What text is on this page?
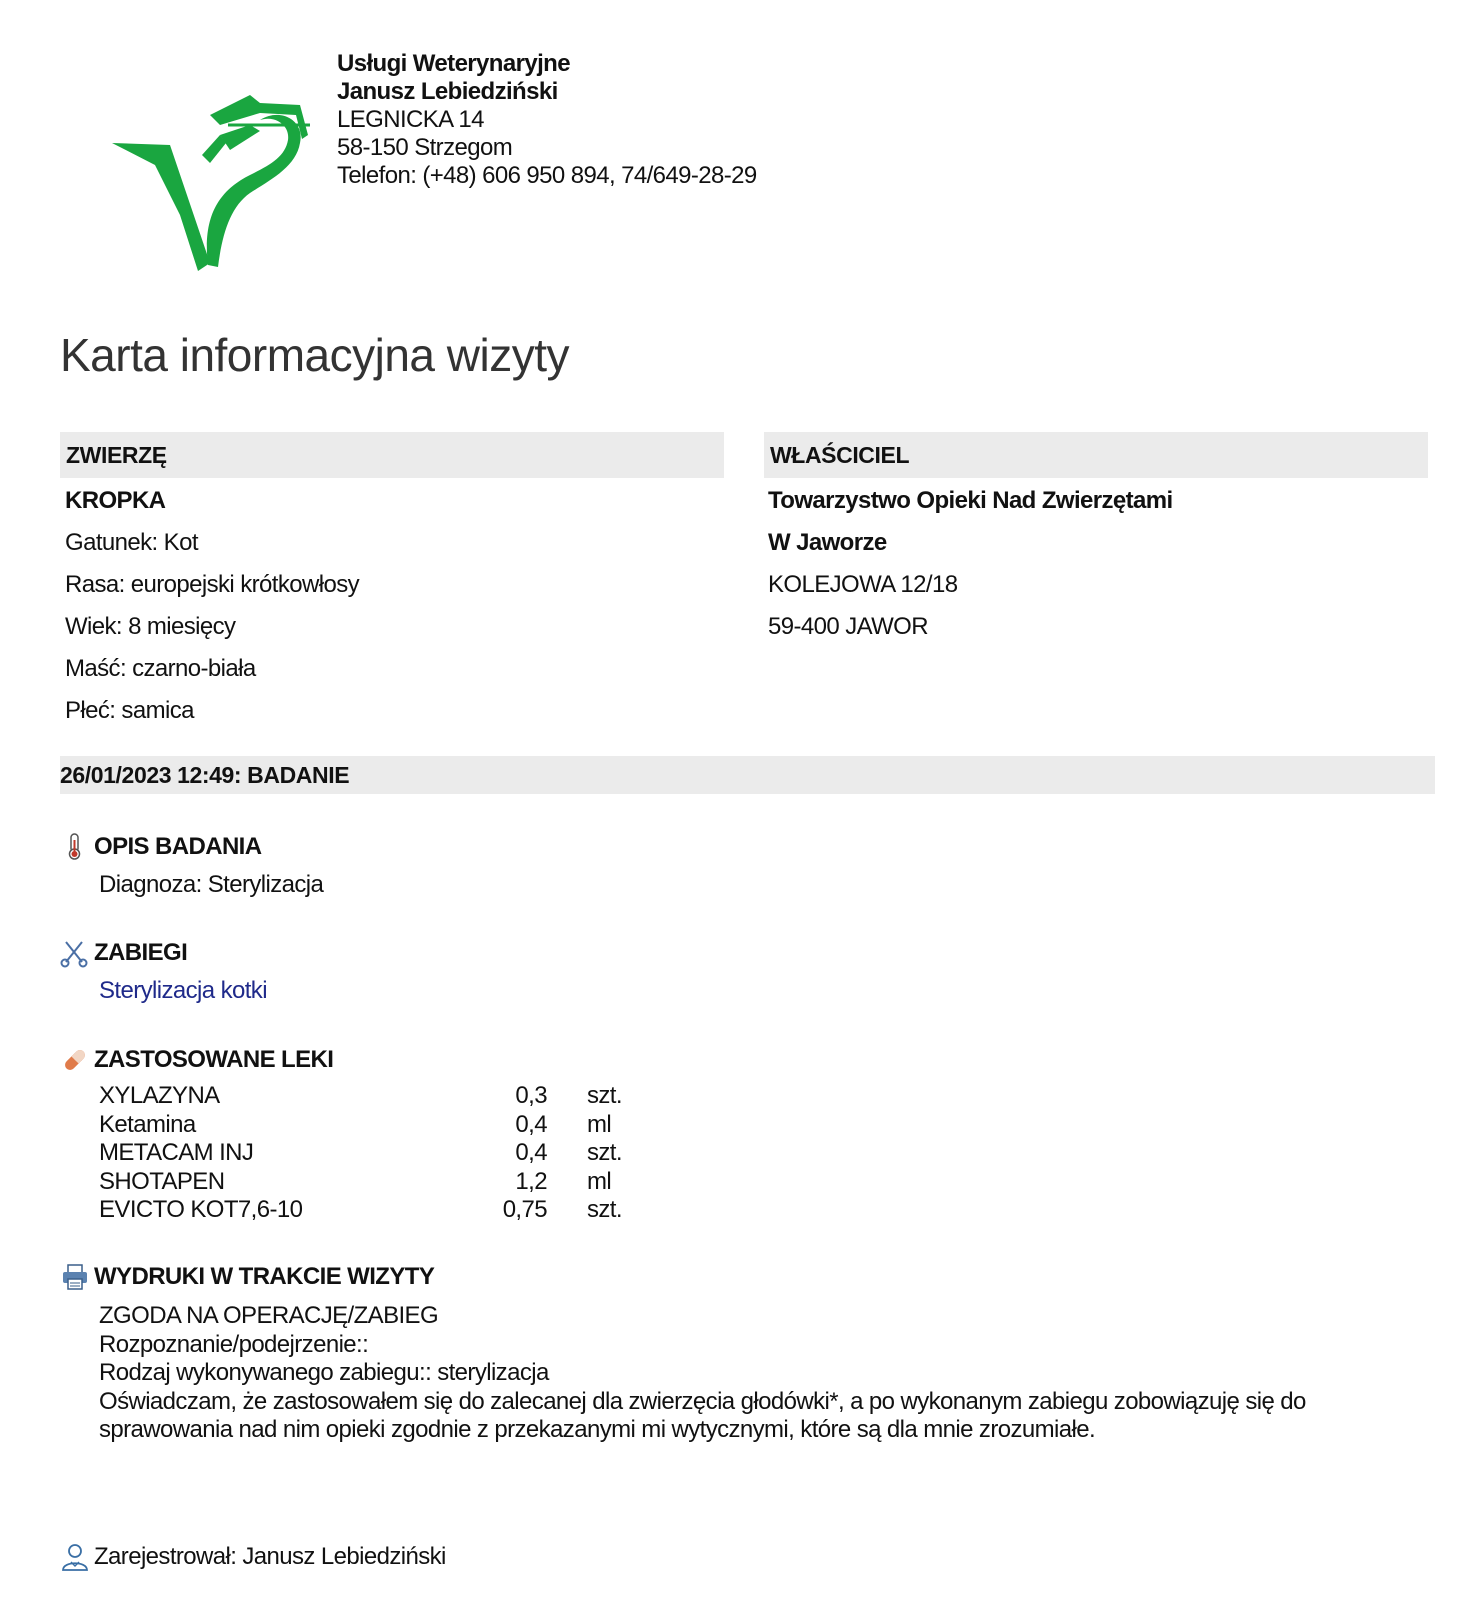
Usługi Weterynaryjne
Janusz Lebiedziński
LEGNICKA 14
58-150 Strzegom
Telefon: (+48) 606 950 894, 74/649-28-29
Karta informacyjna wizyty
ZWIERZĘ
KROPKA
Gatunek: Kot
Rasa: europejski krótkowłosy
Wiek: 8 miesięcy
Maść: czarno-biała
Płeć: samica
WŁAŚCICIEL
Towarzystwo Opieki Nad Zwierzętami
W Jaworze
KOLEJOWA 12/18
59-400 JAWOR
26/01/2023 12:49: BADANIE
OPIS BADANIA
Diagnoza: Sterylizacja
ZABIEGI
Sterylizacja kotki
ZASTOSOWANE LEKI
XYLAZYNA	0,3 szt.
Ketamina	0,4 ml
METACAM INJ	0,4 szt.
SHOTAPEN	1,2 ml
EVICTO KOT7,6-10	0,75 szt.
WYDRUKI W TRAKCIE WIZYTY
ZGODA NA OPERACJĘ/ZABIEG
Rozpoznanie/podejrzenie::
Rodzaj wykonywanego zabiegu:: sterylizacja
Oświadczam, że zastosowałem się do zalecanej dla zwierzęcia głodówki*, a po wykonanym zabiegu zobowiązuję się do sprawowania nad nim opieki zgodnie z przekazanymi mi wytycznymi, które są dla mnie zrozumiałe.
Zarejestrował: Janusz Lebiedziński
